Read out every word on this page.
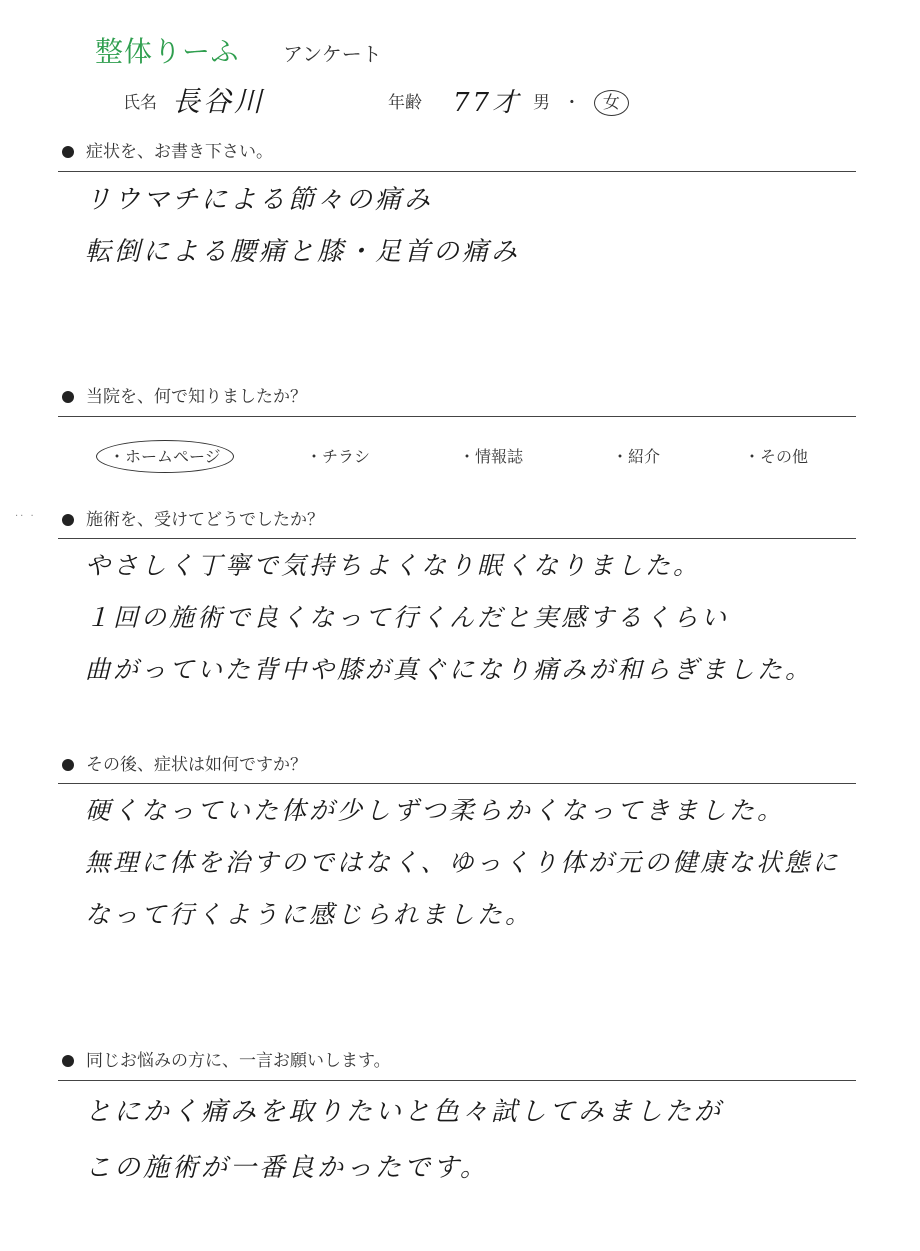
整体りーふ アンケート
氏名 長谷川	年齢 77才 男 ・ 女
症状を、お書き下さい。
リウマチによる節々の痛み
転倒による腰痛と膝・足首の痛み
当院を、何で知りましたか？
・ホームページ	・チラシ	・情報誌	・紹介	・その他
·· ·	施術を、受けてどうでしたか？
やさしく丁寧で気持ちよくなり眠くなりました。
１回の施術で良くなって行くんだと実感するくらい
曲がっていた背中や膝が真ぐになり痛みが和らぎました。
その後、症状は如何ですか？
硬くなっていた体が少しずつ柔らかくなってきました。
無理に体を治すのではなく、ゆっくり体が元の健康な状態に
なって行くように感じられました。
同じお悩みの方に、一言お願いします。
とにかく痛みを取りたいと色々試してみましたが
この施術が一番良かったです。
